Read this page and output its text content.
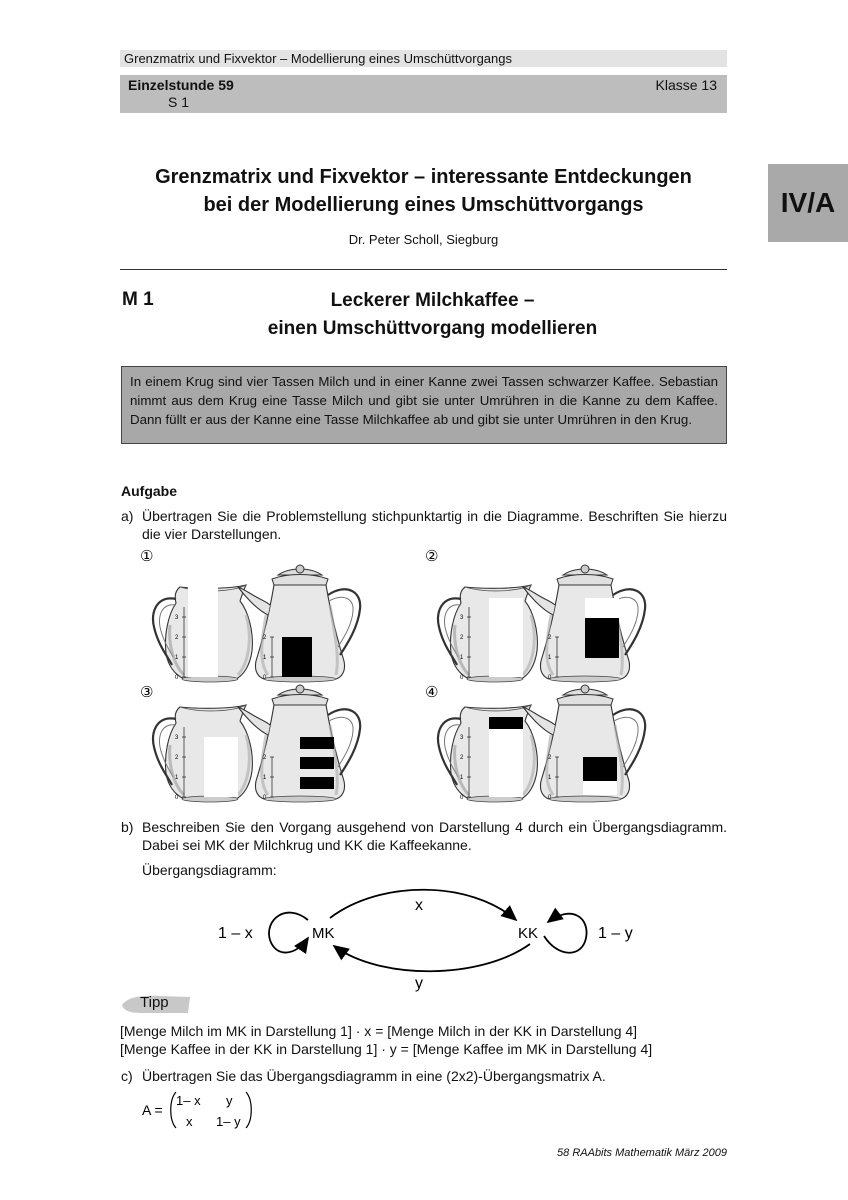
Grenzmatrix und Fixvektor – Modellierung eines Umschüttvorgangs
Einzelstunde 59
S 1
Klasse 13
IV/A
Grenzmatrix und Fixvektor – interessante Entdeckungen
bei der Modellierung eines Umschüttvorgangs
Dr. Peter Scholl, Siegburg
M 1	Leckerer Milchkaffee –
einen Umschüttvorgang modellieren
In einem Krug sind vier Tassen Milch und in einer Kanne zwei Tassen schwarzer Kaffee. Sebastian nimmt aus dem Krug eine Tasse Milch und gibt sie unter Umrühren in die Kanne zu dem Kaffee. Dann füllt er aus der Kanne eine Tasse Milchkaffee ab und gibt sie unter Umrühren in den Krug.
Aufgabe
a) Übertragen Sie die Problemstellung stichpunktartig in die Diagramme. Beschriften Sie hierzu die vier Darstellungen.
①
3
2
1
0
2
1
0
②
3
2
1
0
2
1
0
③
3
2
1
0
2
1
0
④
3
2
1
0
2
1
0
b) Beschreiben Sie den Vorgang ausgehend von Darstellung 4 durch ein Übergangsdiagramm. Dabei sei MK der Milchkrug und KK die Kaffeekanne.
Übergangsdiagramm:
1 – x	MK	KK	1 – y
x
y
Tipp
[Menge Milch im MK in Darstellung 1] · x = [Menge Milch in der KK in Darstellung 4]
[Menge Kaffee in der KK in Darstellung 1] · y = [Menge Kaffee im MK in Darstellung 4]
c) Übertragen Sie das Übergangsdiagramm in eine (2x2)-Übergangsmatrix A.
A =
1– x y
x 1– y
58 RAAbits Mathematik März 2009
